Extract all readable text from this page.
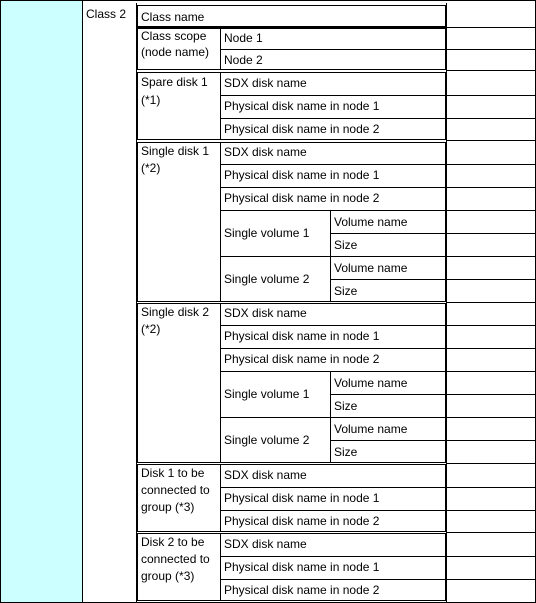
Class 2 Class name
Class scope
(node name)
Node 1
Node 2
Spare disk 1
(*1)
SDX disk name
Physical disk name in node 1
Physical disk name in node 2
Single disk 1
(*2)
SDX disk name
Physical disk name in node 1
Physical disk name in node 2
Single volume 1
Volume name
Size
Single volume 2
Volume name
Size
Single disk 2
(*2)
SDX disk name
Physical disk name in node 1
Physical disk name in node 2
Single volume 1
Volume name
Size
Single volume 2
Volume name
Size
Disk 1 to be
connected to
group (*3)
SDX disk name
Physical disk name in node 1
Physical disk name in node 2
Disk 2 to be
connected to
group (*3)
SDX disk name
Physical disk name in node 1
Physical disk name in node 2
